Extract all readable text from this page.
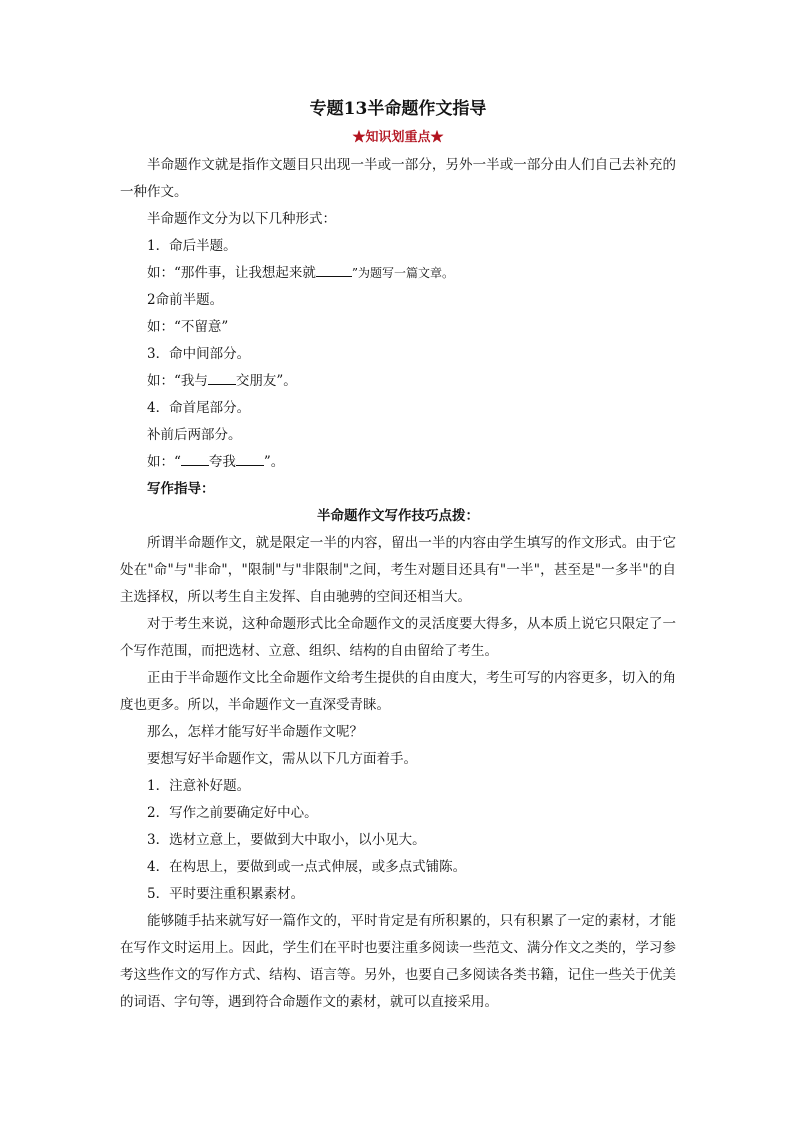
专题13半命题作文指导
★知识划重点★

半命题作文就是指作文题目只出现一半或一部分，另外一半或一部分由人们自己去补充的一种作文。

半命题作文分为以下几种形式：

1．命后半题。

如：“那件事，让我想起来就	”为题写一篇文章。

2命前半题。

如：“不留意”

3．命中间部分。

如：“我与 交朋友”。

4．命首尾部分。

补前后两部分。

如：“ 夸我 ”。

写作指导：

半命题作文写作技巧点拨：

所谓半命题作文，就是限定一半的内容，留出一半的内容由学生填写的作文形式。由于它处在"命"与"非命"，"限制"与"非限制"之间，考生对题目还具有"一半"，甚至是"一多半"的自主选择权，所以考生自主发挥、自由驰骋的空间还相当大。

对于考生来说，这种命题形式比全命题作文的灵活度要大得多，从本质上说它只限定了一个写作范围，而把选材、立意、组织、结构的自由留给了考生。

正由于半命题作文比全命题作文给考生提供的自由度大，考生可写的内容更多，切入的角度也更多。所以，半命题作文一直深受青睐。

那么，怎样才能写好半命题作文呢？

要想写好半命题作文，需从以下几方面着手。

1．注意补好题。

2．写作之前要确定好中心。

3．选材立意上，要做到大中取小，以小见大。

4．在构思上，要做到或一点式伸展，或多点式铺陈。

5．平时要注重积累素材。

能够随手拈来就写好一篇作文的，平时肯定是有所积累的，只有积累了一定的素材，才能在写作文时运用上。因此，学生们在平时也要注重多阅读一些范文、满分作文之类的，学习参考这些作文的写作方式、结构、语言等。另外，也要自己多阅读各类书籍，记住一些关于优美的词语、字句等，遇到符合命题作文的素材，就可以直接采用。
